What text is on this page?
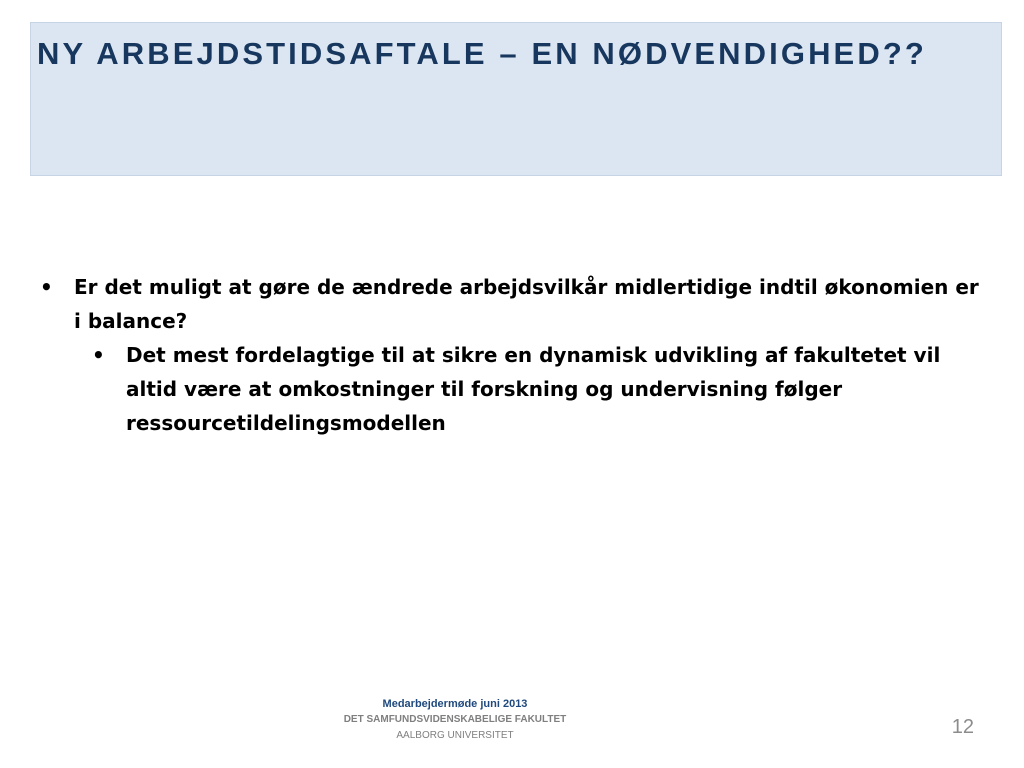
NY ARBEJDSTIDSAFTALE – EN NØDVENDIGHED??
• Er det muligt at gøre de ændrede arbejdsvilkår midlertidige indtil økonomien er i balance?
• Det mest fordelagtige til at sikre en dynamisk udvikling af fakultetet vil altid være at omkostninger til forskning og undervisning følger ressourcetildelingsmodellen
Medarbejdermøde juni 2013
DET SAMFUNDSVIDENSKABELIGE FAKULTET
AALBORG UNIVERSITET	12
